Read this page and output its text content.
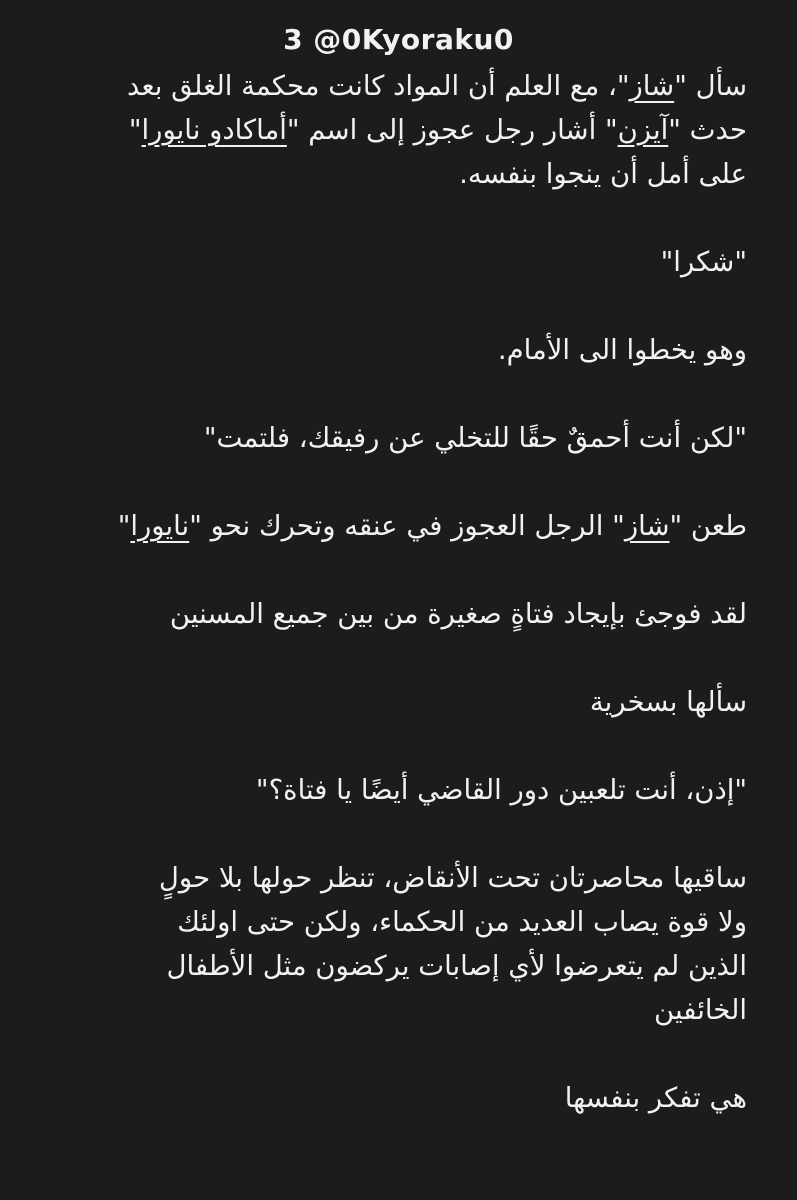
3 @0Kyoraku0
سأل "شاز"، مع العلم أن المواد كانت محكمة الغلق بعد
حدث "آيزن" أشار رجل عجوز إلى اسم "أماكادو نايورا"
على أمل أن ينجوا بنفسه.
"شكرا"
وهو يخطوا الى الأمام.
"لكن أنت أحمقٌ حقًا للتخلي عن رفيقك، فلتمت"
طعن "شاز" الرجل العجوز في عنقه وتحرك نحو "نايورا"
لقد فوجئ بإيجاد فتاةٍ صغيرة من بين جميع المسنين
سألها بسخرية
"إذن، أنت تلعبين دور القاضي أيضًا يا فتاة؟"
ساقيها محاصرتان تحت الأنقاض، تنظر حولها بلا حولٍ
ولا قوة يصاب العديد من الحكماء، ولكن حتى اولئك
الذين لم يتعرضوا لأي إصابات يركضون مثل الأطفال
الخائفين
هي تفكر بنفسها
